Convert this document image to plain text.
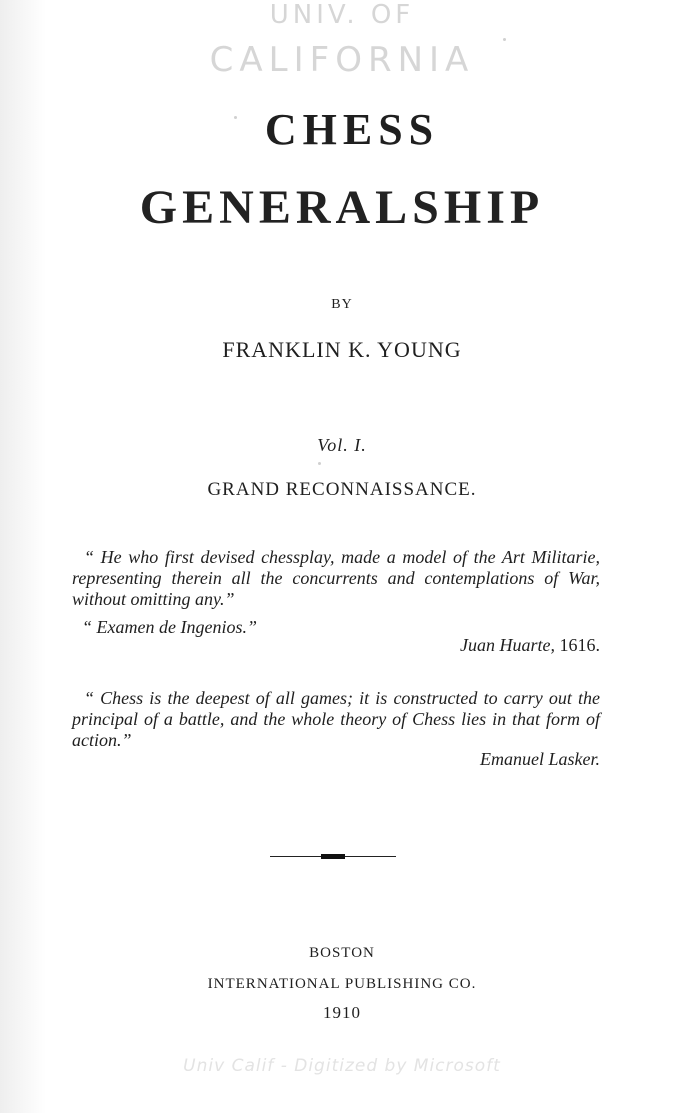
UNIV. OF
CALIFORNIA
CHESS
GENERALSHIP
BY
FRANKLIN K. YOUNG
Vol. I.
GRAND RECONNAISSANCE.
“ He who first devised chessplay, made a model of the Art Militarie, representing therein all the concurrents and contemplations of War, without omitting any.”
“ Examen de Ingenios.”
Juan Huarte, 1616.
“ Chess is the deepest of all games; it is constructed to carry out the principal of a battle, and the whole theory of Chess lies in that form of action.”
Emanuel Lasker.
BOSTON
INTERNATIONAL PUBLISHING CO.
1910
Univ Calif - Digitized by Microsoft
